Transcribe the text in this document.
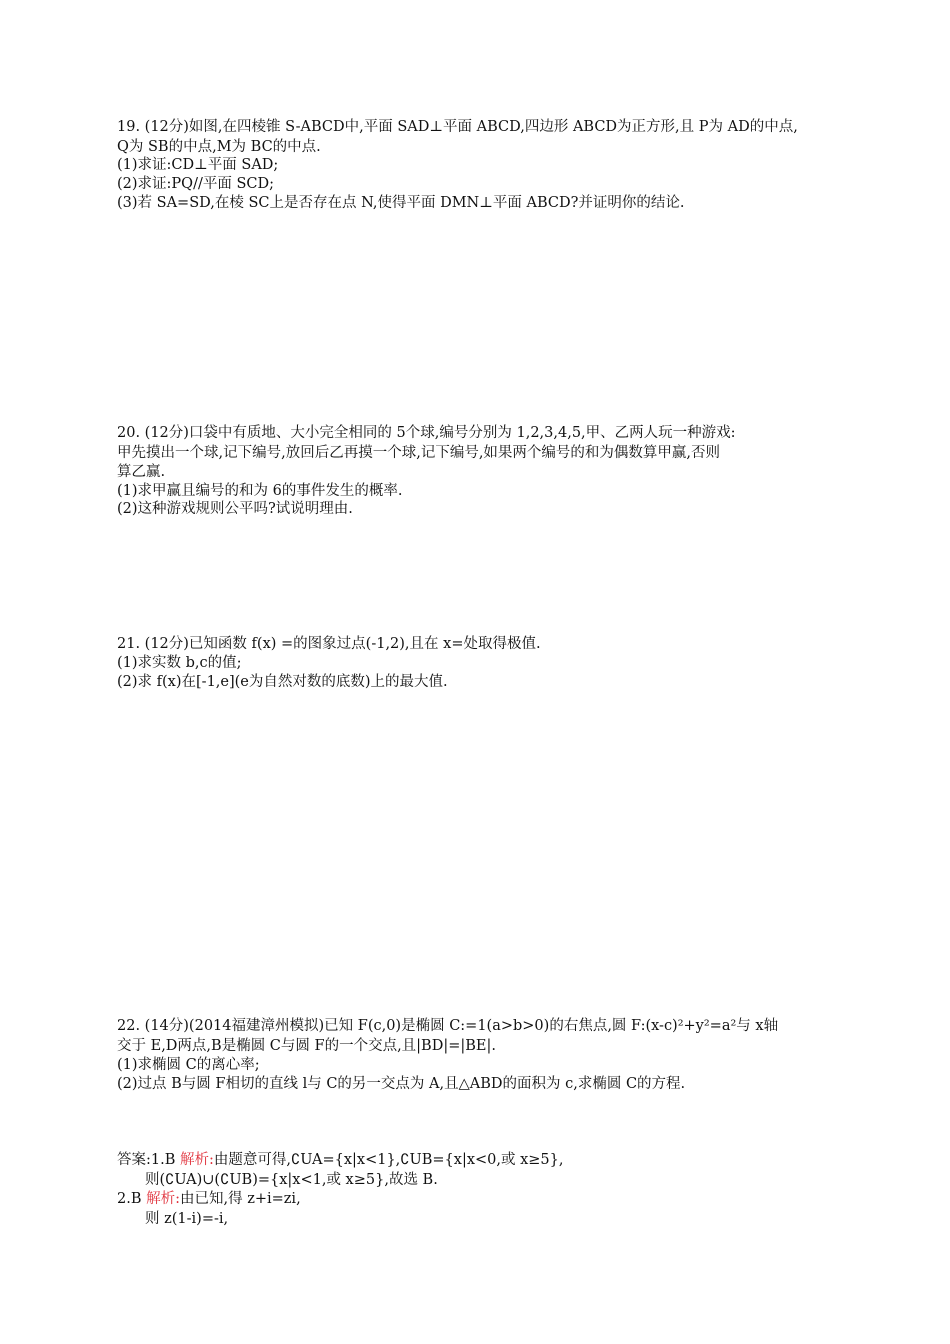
19. (12分)如图,在四棱锥 S-ABCD中,平面 SAD⊥平面 ABCD,四边形 ABCD为正方形,且 P为 AD的中点,
Q为 SB的中点,M为 BC的中点.
(1)求证:CD⊥平面 SAD;
(2)求证:PQ//平面 SCD;
(3)若 SA=SD,在棱 SC上是否存在点 N,使得平面 DMN⊥平面 ABCD?并证明你的结论.
20. (12分)口袋中有质地、大小完全相同的 5个球,编号分别为 1,2,3,4,5,甲、乙两人玩一种游戏:
甲先摸出一个球,记下编号,放回后乙再摸一个球,记下编号,如果两个编号的和为偶数算甲赢,否则
算乙赢.
(1)求甲赢且编号的和为 6的事件发生的概率.
(2)这种游戏规则公平吗?试说明理由.
21. (12分)已知函数 f(x) =的图象过点(-1,2),且在 x=处取得极值.
(1)求实数 b,c的值;
(2)求 f(x)在[-1,e](e为自然对数的底数)上的最大值.
22. (14分)(2014福建漳州模拟)已知 F(c,0)是椭圆 C:=1(a>b>0)的右焦点,圆 F:(x-c)²+y²=a²与 x轴
交于 E,D两点,B是椭圆 C与圆 F的一个交点,且|BD|=|BE|.
(1)求椭圆 C的离心率;
(2)过点 B与圆 F相切的直线 l与 C的另一交点为 A,且△ABD的面积为 c,求椭圆 C的方程.
答案:1.B 解析:由题意可得,∁UA={x|x<1},∁UB={x|x<0,或 x≥5},
则(∁UA)∪(∁UB)={x|x<1,或 x≥5},故选 B.
2.B 解析:由已知,得 z+i=zi,
则 z(1-i)=-i,
